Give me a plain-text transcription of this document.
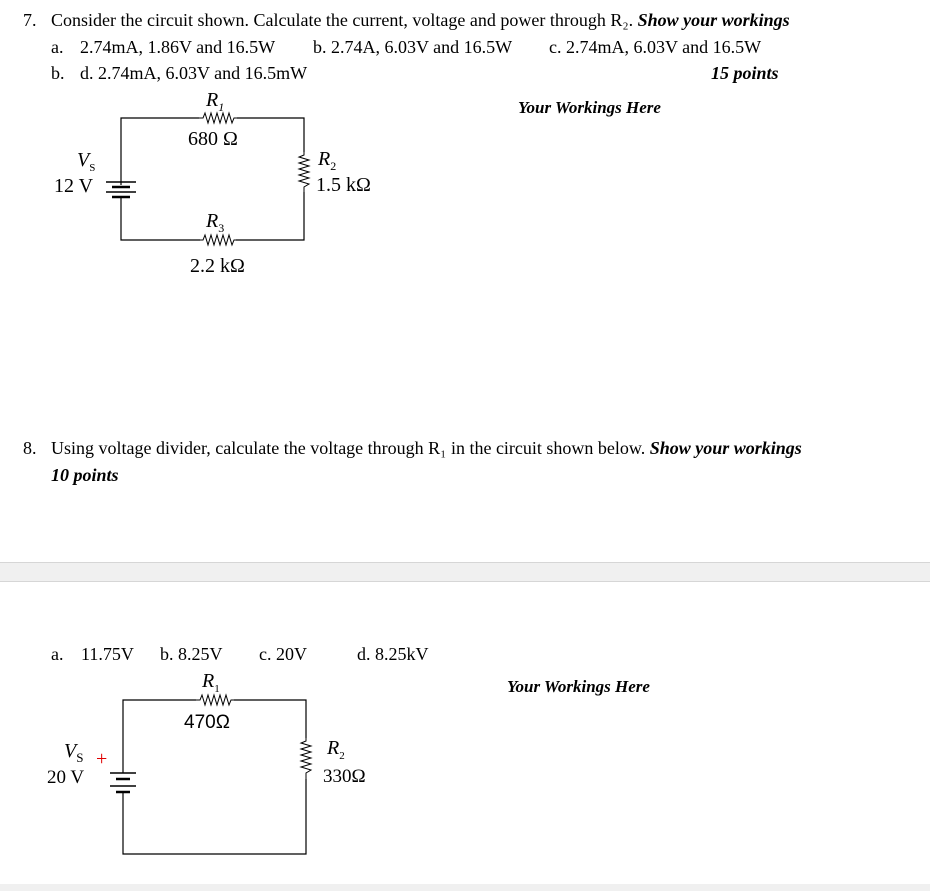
7. Consider the circuit shown. Calculate the current, voltage and power through R₂. Show your workings
a. 2.74mA, 1.86V and 16.5W b. 2.74A, 6.03V and 16.5W c. 2.74mA, 6.03V and 16.5W
b. d. 2.74mA, 6.03V and 16.5mW	15 points
Your Workings Here
$R_1$
680 Ω
$V_S$
12 V
$R_2$
1.5 kΩ
$R_3$
2.2 kΩ
8. Using voltage divider, calculate the voltage through R₁ in the circuit shown below. Show your workings
10 points
a. 11.75V b. 8.25V c. 20V	d. 8.25kV
Your Workings Here
$R_1$
470Ω
$V_S$ +
20 V
$R_2$
330Ω
